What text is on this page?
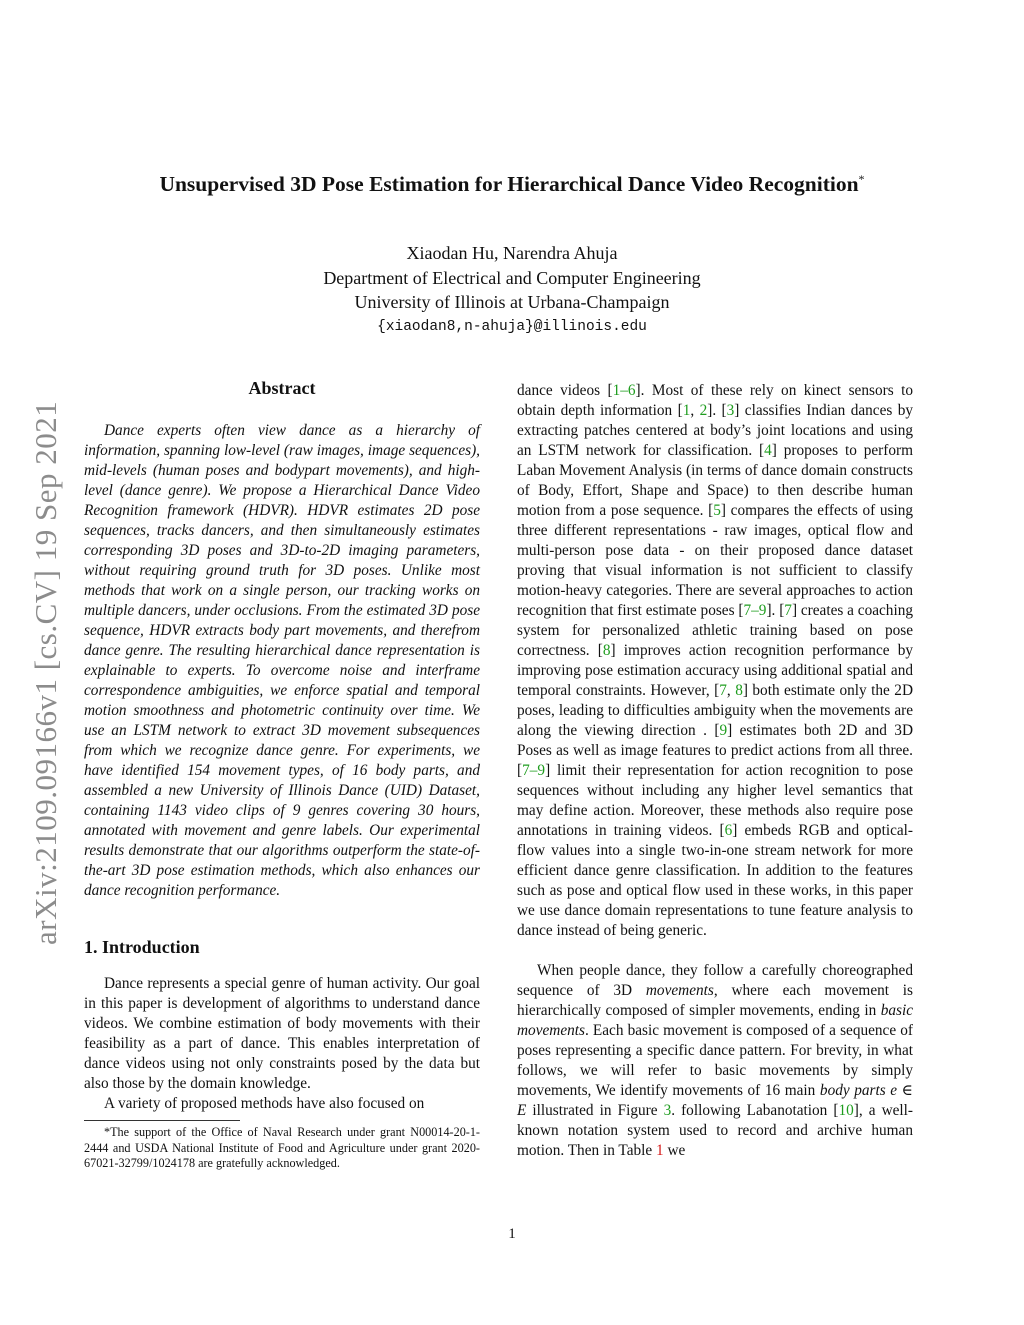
arXiv:2109.09166v1 [cs.CV] 19 Sep 2021
Unsupervised 3D Pose Estimation for Hierarchical Dance Video Recognition*
Xiaodan Hu, Narendra Ahuja
Department of Electrical and Computer Engineering
University of Illinois at Urbana-Champaign
{xiaodan8,n-ahuja}@illinois.edu
Abstract

Dance experts often view dance as a hierarchy of information, spanning low-level (raw images, image sequences), mid-levels (human poses and bodypart movements), and high-level (dance genre). We propose a Hierarchical Dance Video Recognition framework (HDVR). HDVR estimates 2D pose sequences, tracks dancers, and then simultaneously estimates corresponding 3D poses and 3D-to-2D imaging parameters, without requiring ground truth for 3D poses. Unlike most methods that work on a single person, our tracking works on multiple dancers, under occlusions. From the estimated 3D pose sequence, HDVR extracts body part movements, and therefrom dance genre. The resulting hierarchical dance representation is explainable to experts. To overcome noise and interframe correspondence ambiguities, we enforce spatial and temporal motion smoothness and photometric continuity over time. We use an LSTM network to extract 3D movement subsequences from which we recognize dance genre. For experiments, we have identified 154 movement types, of 16 body parts, and assembled a new University of Illinois Dance (UID) Dataset, containing 1143 video clips of 9 genres covering 30 hours, annotated with movement and genre labels. Our experimental results demonstrate that our algorithms outperform the state-of-the-art 3D pose estimation methods, which also enhances our dance recognition performance.

1. Introduction

Dance represents a special genre of human activity. Our goal in this paper is development of algorithms to understand dance videos. We combine estimation of body movements with their feasibility as a part of dance. This enables interpretation of dance videos using not only constraints posed by the data but also those by the domain knowledge.

A variety of proposed methods have also focused on

*The support of the Office of Naval Research under grant N00014-20-1-2444 and USDA National Institute of Food and Agriculture under grant 2020-67021-32799/1024178 are gratefully acknowledged.

dance videos [1–6]. Most of these rely on kinect sensors to obtain depth information [1, 2]. [3] classifies Indian dances by extracting patches centered at body’s joint locations and using an LSTM network for classification. [4] proposes to perform Laban Movement Analysis (in terms of dance domain constructs of Body, Effort, Shape and Space) to then describe human motion from a pose sequence. [5] compares the effects of using three different representations - raw images, optical flow and multi-person pose data - on their proposed dance dataset proving that visual information is not sufficient to classify motion-heavy categories. There are several approaches to action recognition that first estimate poses [7–9]. [7] creates a coaching system for personalized athletic training based on pose correctness. [8] improves action recognition performance by improving pose estimation accuracy using additional spatial and temporal constraints. However, [7, 8] both estimate only the 2D poses, leading to difficulties ambiguity when the movements are along the viewing direction . [9] estimates both 2D and 3D Poses as well as image features to predict actions from all three. [7–9] limit their representation for action recognition to pose sequences without including any higher level semantics that may define action. Moreover, these methods also require pose annotations in training videos. [6] embeds RGB and optical-flow values into a single two-in-one stream network for more efficient dance genre classification. In addition to the features such as pose and optical flow used in these works, in this paper we use dance domain representations to tune feature analysis to dance instead of being generic.

When people dance, they follow a carefully choreographed sequence of 3D movements, where each movement is hierarchically composed of simpler movements, ending in basic movements. Each basic movement is composed of a sequence of poses representing a specific dance pattern. For brevity, in what follows, we will refer to basic movements by simply movements, We identify movements of 16 main body parts e ∈ E illustrated in Figure 3. following Labanotation [10], a well-known notation system used to record and archive human motion. Then in Table 1 we

1
